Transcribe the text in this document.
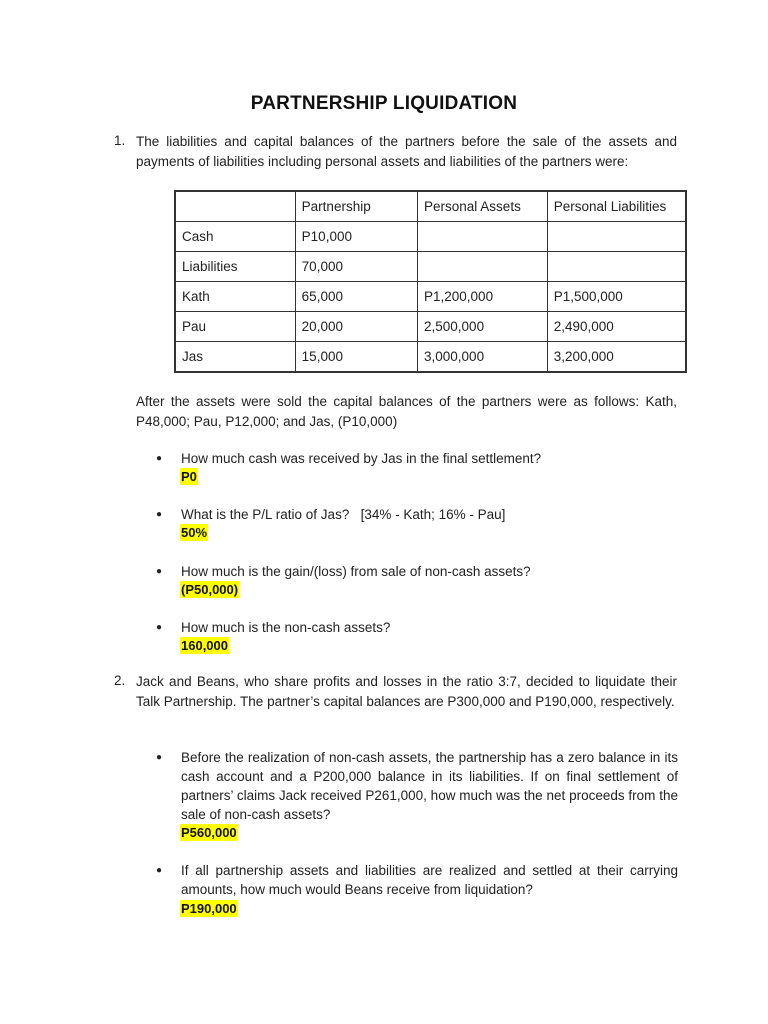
PARTNERSHIP LIQUIDATION
1. The liabilities and capital balances of the partners before the sale of the assets and payments of liabilities including personal assets and liabilities of the partners were:
	Partnership	Personal Assets	Personal Liabilities
Cash	P10,000		
Liabilities	70,000		
Kath	65,000	P1,200,000	P1,500,000
Pau	20,000	2,500,000	2,490,000
Jas	15,000	3,000,000	3,200,000
After the assets were sold the capital balances of the partners were as follows: Kath, P48,000; Pau, P12,000; and Jas, (P10,000)
● How much cash was received by Jas in the final settlement?
P0
● What is the P/L ratio of Jas?   [34% - Kath; 16% - Pau]
50%
● How much is the gain/(loss) from sale of non-cash assets?
(P50,000)
● How much is the non-cash assets?
160,000
2. Jack and Beans, who share profits and losses in the ratio 3:7, decided to liquidate their Talk Partnership. The partner’s capital balances are P300,000 and P190,000, respectively.
● Before the realization of non-cash assets, the partnership has a zero balance in its cash account and a P200,000 balance in its liabilities. If on final settlement of partners’ claims Jack received P261,000, how much was the net proceeds from the sale of non-cash assets?
P560,000
● If all partnership assets and liabilities are realized and settled at their carrying amounts, how much would Beans receive from liquidation?
P190,000
